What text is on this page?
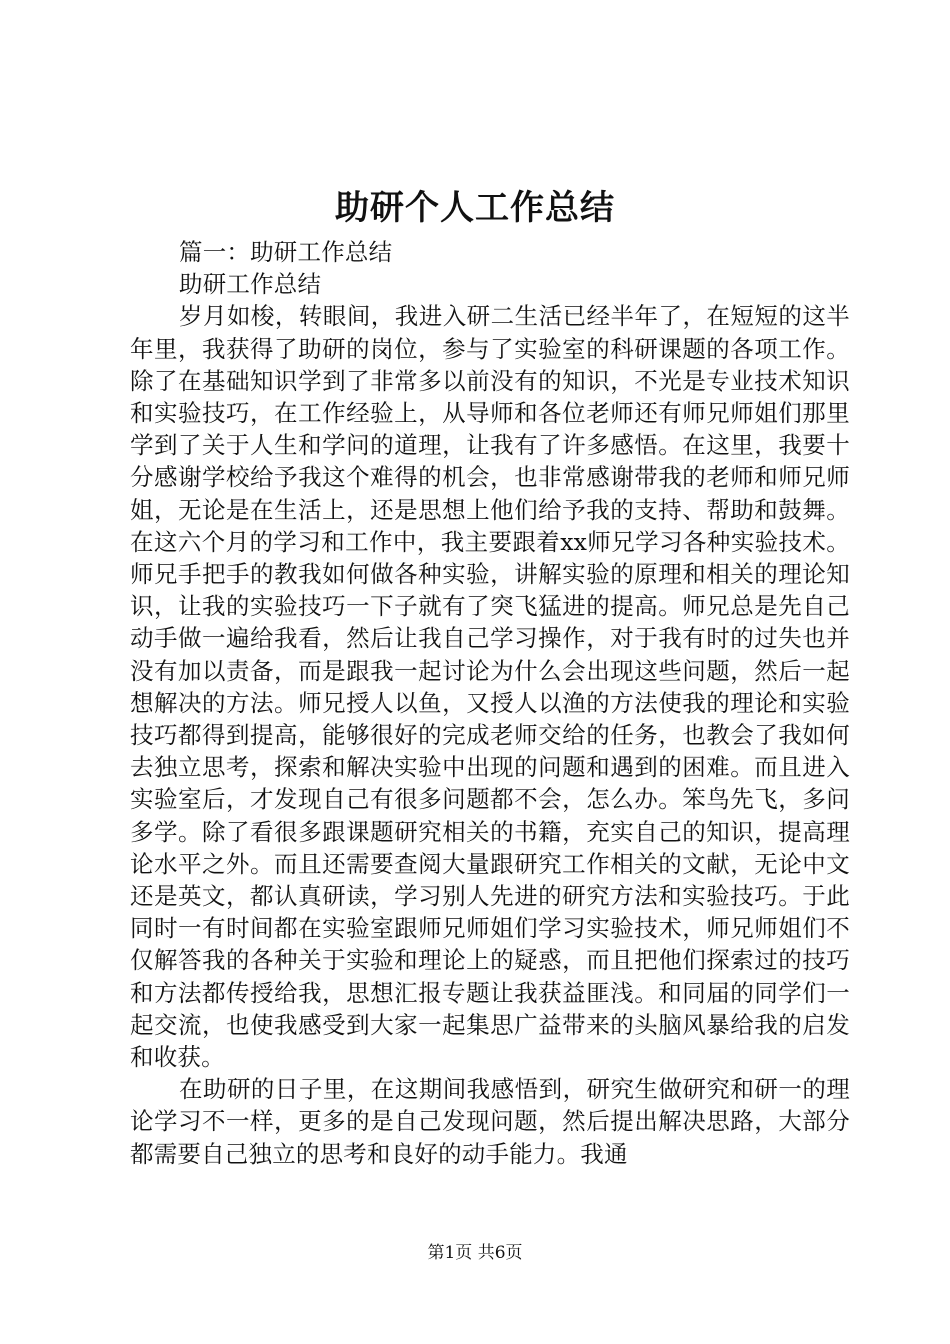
助研个人工作总结

篇一：助研工作总结

助研工作总结

岁月如梭，转眼间，我进入研二生活已经半年了，在短短的这半年里，我获得了助研的岗位，参与了实验室的科研课题的各项工作。除了在基础知识学到了非常多以前没有的知识，不光是专业技术知识和实验技巧，在工作经验上，从导师和各位老师还有师兄师姐们那里学到了关于人生和学问的道理，让我有了许多感悟。在这里，我要十分感谢学校给予我这个难得的机会，也非常感谢带我的老师和师兄师姐，无论是在生活上，还是思想上他们给予我的支持、帮助和鼓舞。在这六个月的学习和工作中，我主要跟着xx师兄学习各种实验技术。师兄手把手的教我如何做各种实验，讲解实验的原理和相关的理论知识，让我的实验技巧一下子就有了突飞猛进的提高。师兄总是先自己动手做一遍给我看，然后让我自己学习操作，对于我有时的过失也并没有加以责备，而是跟我一起讨论为什么会出现这些问题，然后一起想解决的方法。师兄授人以鱼，又授人以渔的方法使我的理论和实验技巧都得到提高，能够很好的完成老师交给的任务，也教会了我如何去独立思考，探索和解决实验中出现的问题和遇到的困难。而且进入实验室后，才发现自己有很多问题都不会，怎么办。笨鸟先飞，多问多学。除了看很多跟课题研究相关的书籍，充实自己的知识，提高理论水平之外。而且还需要查阅大量跟研究工作相关的文献，无论中文还是英文，都认真研读，学习别人先进的研究方法和实验技巧。于此同时一有时间都在实验室跟师兄师姐们学习实验技术，师兄师姐们不仅解答我的各种关于实验和理论上的疑惑，而且把他们探索过的技巧和方法都传授给我，思想汇报专题让我获益匪浅。和同届的同学们一起交流，也使我感受到大家一起集思广益带来的头脑风暴给我的启发和收获。

在助研的日子里，在这期间我感悟到，研究生做研究和研一的理论学习不一样，更多的是自己发现问题，然后提出解决思路，大部分都需要自己独立的思考和良好的动手能力。我通

第1页 共6页
